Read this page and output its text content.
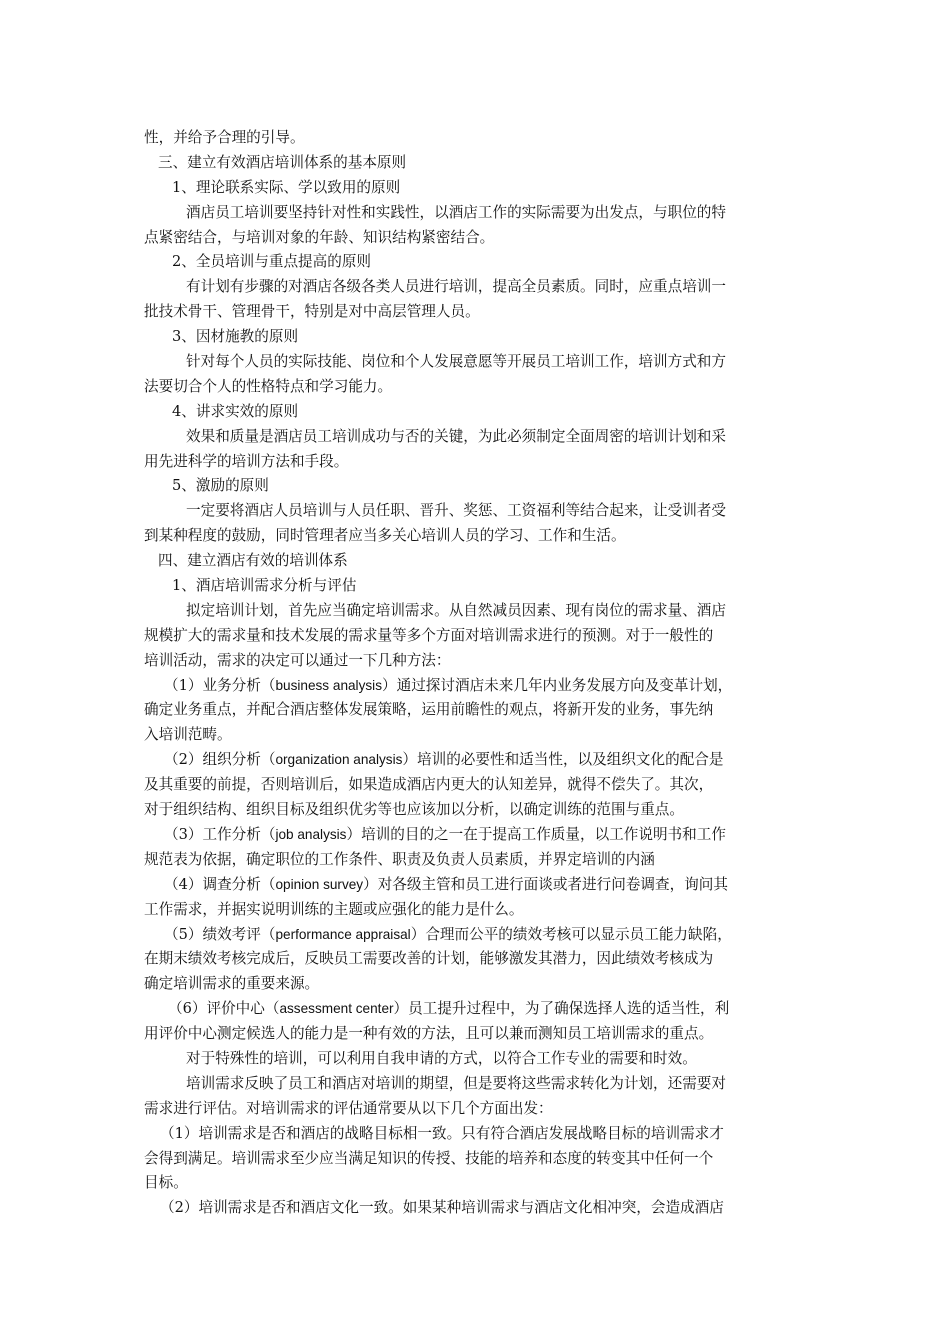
性，并给予合理的引导。
三、建立有效酒店培训体系的基本原则
1、理论联系实际、学以致用的原则
酒店员工培训要坚持针对性和实践性，以酒店工作的实际需要为出发点，与职位的特
点紧密结合，与培训对象的年龄、知识结构紧密结合。
2、全员培训与重点提高的原则
有计划有步骤的对酒店各级各类人员进行培训，提高全员素质。同时，应重点培训一
批技术骨干、管理骨干，特别是对中高层管理人员。
3、因材施教的原则
针对每个人员的实际技能、岗位和个人发展意愿等开展员工培训工作，培训方式和方
法要切合个人的性格特点和学习能力。
4、讲求实效的原则
效果和质量是酒店员工培训成功与否的关键，为此必须制定全面周密的培训计划和采
用先进科学的培训方法和手段。
5、激励的原则
一定要将酒店人员培训与人员任职、晋升、奖惩、工资福利等结合起来，让受训者受
到某种程度的鼓励，同时管理者应当多关心培训人员的学习、工作和生活。
四、建立酒店有效的培训体系
1、酒店培训需求分析与评估
拟定培训计划，首先应当确定培训需求。从自然减员因素、现有岗位的需求量、酒店
规模扩大的需求量和技术发展的需求量等多个方面对培训需求进行的预测。对于一般性的
培训活动，需求的决定可以通过一下几种方法：
（1）业务分析（business analysis）通过探讨酒店未来几年内业务发展方向及变革计划，
确定业务重点，并配合酒店整体发展策略，运用前瞻性的观点，将新开发的业务，事先纳
入培训范畴。
（2）组织分析（organization analysis）培训的必要性和适当性，以及组织文化的配合是
及其重要的前提，否则培训后，如果造成酒店内更大的认知差异，就得不偿失了。其次，
对于组织结构、组织目标及组织优劣等也应该加以分析，以确定训练的范围与重点。
（3）工作分析（job analysis）培训的目的之一在于提高工作质量，以工作说明书和工作
规范表为依据，确定职位的工作条件、职责及负责人员素质，并界定培训的内涵
（4）调查分析（opinion survey）对各级主管和员工进行面谈或者进行问卷调查，询问其
工作需求，并据实说明训练的主题或应强化的能力是什么。
（5）绩效考评（performance appraisal）合理而公平的绩效考核可以显示员工能力缺陷，
在期末绩效考核完成后，反映员工需要改善的计划，能够激发其潜力，因此绩效考核成为
确定培训需求的重要来源。
（6）评价中心（assessment center）员工提升过程中，为了确保选择人选的适当性，利
用评价中心测定候选人的能力是一种有效的方法，且可以兼而测知员工培训需求的重点。
对于特殊性的培训，可以利用自我申请的方式，以符合工作专业的需要和时效。
培训需求反映了员工和酒店对培训的期望，但是要将这些需求转化为计划，还需要对
需求进行评估。对培训需求的评估通常要从以下几个方面出发：
（1）培训需求是否和酒店的战略目标相一致。只有符合酒店发展战略目标的培训需求才
会得到满足。培训需求至少应当满足知识的传授、技能的培养和态度的转变其中任何一个
目标。
（2）培训需求是否和酒店文化一致。如果某种培训需求与酒店文化相冲突，会造成酒店
